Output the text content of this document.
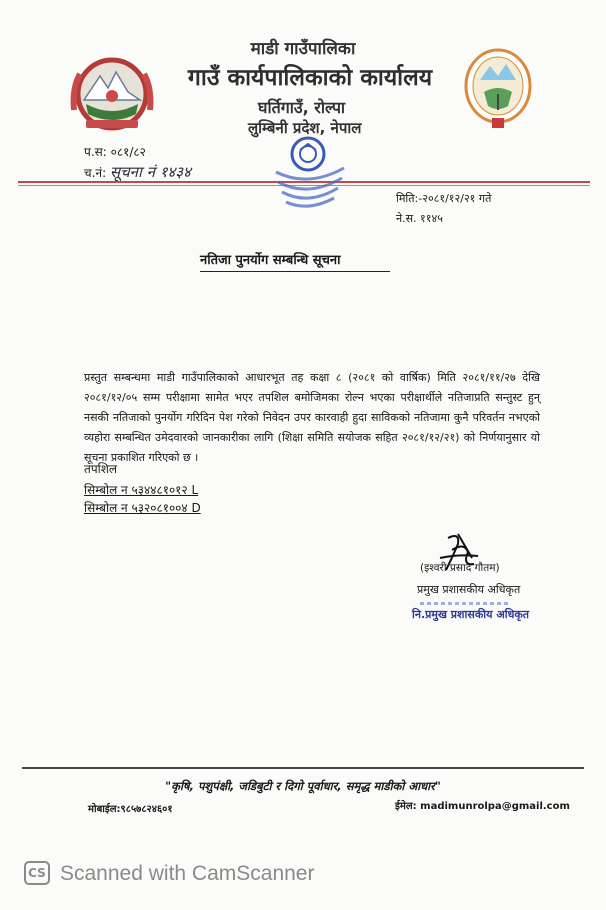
माडी गाउँपालिका
गाउँ कार्यपालिकाको कार्यालय
घर्तिगाउँ, रोल्पा
लुम्बिनी प्रदेश, नेपाल
प.स: ०८१/८२
च.नं: सूचना नं १४३४
मिति:-२०८१/१२/२१ गते
ने.स. ११४५
नतिजा पुनर्योग सम्बन्धि सूचना
प्रस्तुत सम्बन्धमा माडी गाउँपालिकाको आधारभूत तह कक्षा ८ (२०८१ को वार्षिक) मिति २०८१/११/२७ देखि २०८१/१२/०५ सम्म परीक्षामा सामेत भएर तपशिल बमोजिमका रोल्न भएका परीक्षार्थीले नतिजाप्रति सन्तुस्ट हुन् नसकी नतिजाको पुनर्योग गरिदिन पेश गरेको निवेदन उपर कारवाही हुदा साविकको नतिजामा कुनै परिवर्तन नभएको व्यहोरा सम्बन्धित उमेदवारको जानकारीका लागि (शिक्षा समिति सयोजक सहित २०८१/१२/२१) को निर्णयानुसार यो सूचना प्रकाशित गरिएको छ ।
तपशिल
सिम्बोल न ५३४४८१०१२ L
सिम्बोल न ५३२०८१००४ D
(इश्वरी प्रसाद गौतम)
प्रमुख प्रशासकीय अधिकृत
नि.प्रमुख प्रशासकीय अधिकृत
"कृषि, पशुपंक्षी, जडिबुटी र दिगो पूर्वाधार, समृद्ध माडीको आधार"
मोबाईल:९८५७८२४६०१	ईमेल: madimunrolpa@gmail.com
CS Scanned with CamScanner
